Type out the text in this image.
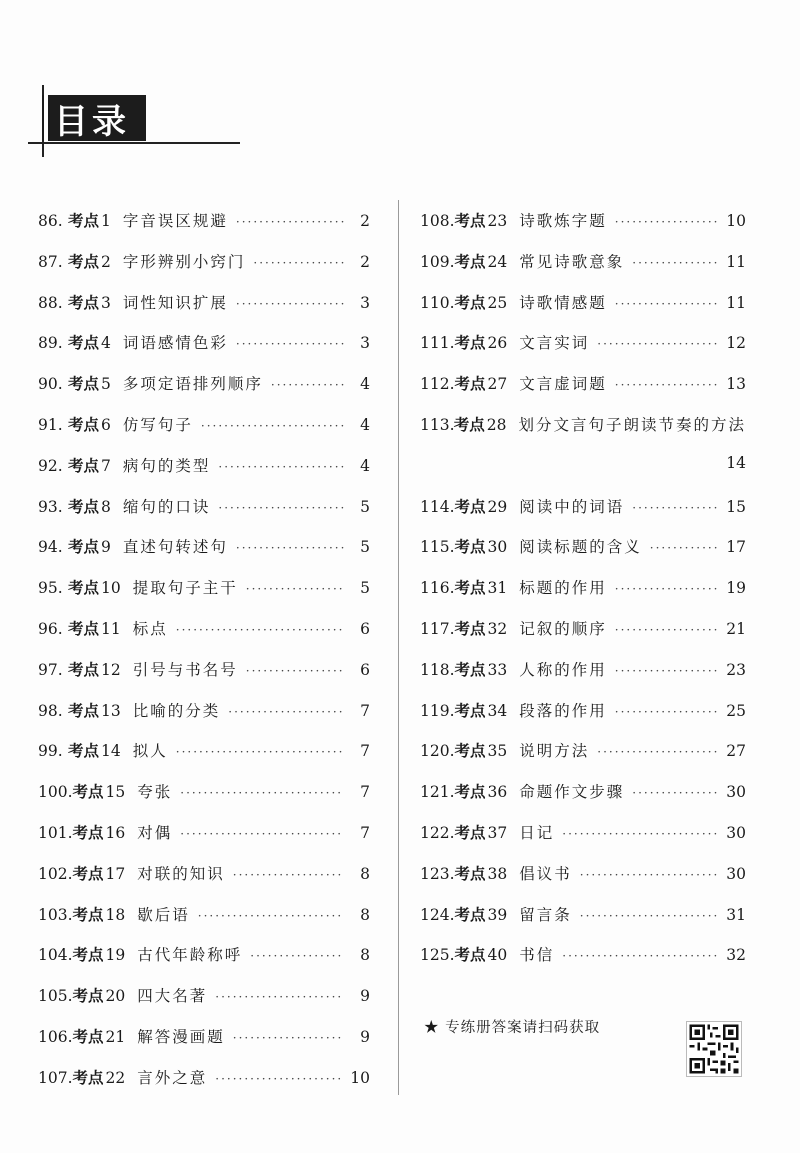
目录
86. 考点 1 字音误区规避 ·····	2
87. 考点 2 字形辨别小窍门 ·····	2
88. 考点 3 词性知识扩展 ·····	3
89. 考点 4 词语感情色彩 ·····	3
90. 考点 5 多项定语排列顺序 ·····	4
91. 考点 6 仿写句子 ·····	4
92. 考点 7 病句的类型 ·····	4
93. 考点 8 缩句的口诀 ·····	5
94. 考点 9 直述句转述句 ·····	5
95. 考点 10 提取句子主干 ·····	5
96. 考点 11 标点 ·····	6
97. 考点 12 引号与书名号 ·····	6
98. 考点 13 比喻的分类 ·····	7
99. 考点 14 拟人 ·····	7
100. 考点 15 夸张 ·····	7
101. 考点 16 对偶 ·····	7
102. 考点 17 对联的知识 ·····	8
103. 考点 18 歇后语 ·····	8
104. 考点 19 古代年龄称呼 ·····	8
105. 考点 20 四大名著 ·····	9
106. 考点 21 解答漫画题 ·····	9
107. 考点 22 言外之意 ·····	10
108. 考点 23 诗歌炼字题 ·····	10
109. 考点 24 常见诗歌意象 ·····	11
110. 考点 25 诗歌情感题 ·····	11
111. 考点 26 文言实词 ·····	12
112. 考点 27 文言虚词题 ·····	13
113. 考点 28 划分文言句子朗读节奏的方法
14
114. 考点 29 阅读中的词语 ·····	15
115. 考点 30 阅读标题的含义 ·····	17
116. 考点 31 标题的作用 ·····	19
117. 考点 32 记叙的顺序 ·····	21
118. 考点 33 人称的作用 ·····	23
119. 考点 34 段落的作用 ·····	25
120. 考点 35 说明方法 ·····	27
121. 考点 36 命题作文步骤 ·····	30
122. 考点 37 日记 ·····	30
123. 考点 38 倡议书 ·····	30
124. 考点 39 留言条 ·····	31
125. 考点 40 书信 ·····	32
★ 专练册答案请扫码获取
